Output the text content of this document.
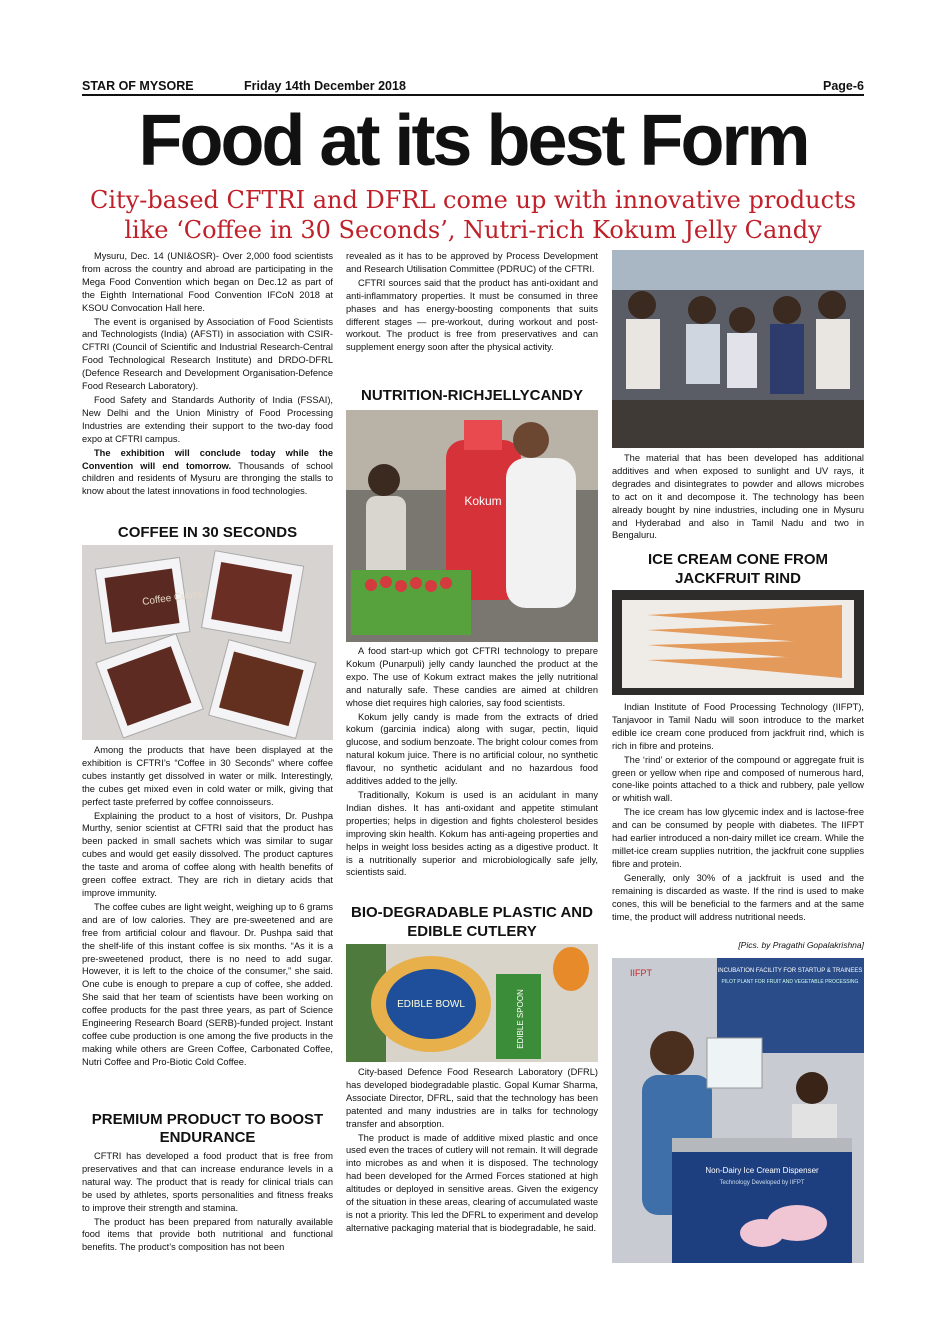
STAR OF MYSORE	Friday 14th December 2018	Page-6
Food at its best Form
City-based CFTRI and DFRL come up with innovative products like ‘Coffee in 30 Seconds’, Nutri-rich Kokum Jelly Candy

Mysuru, Dec. 14 (UNI&OSR)- Over 2,000 food scientists from across the country and abroad are participating in the Mega Food Convention which began on Dec.12 as part of the Eighth International Food Convention IFCoN 2018 at KSOU Convocation Hall here.

The event is organised by Association of Food Scientists and Technologists (India) (AFSTI) in association with CSIR-CFTRI (Council of Scientific and Industrial Research-Central Food Technological Research Institute) and DRDO-DFRL (Defence Research and Development Organisation-Defence Food Research Laboratory).

Food Safety and Standards Authority of India (FSSAI), New Delhi and the Union Ministry of Food Processing Industries are extending their support to the two-day food expo at CFTRI campus.

The exhibition will conclude today while the Convention will end tomorrow. Thousands of school children and residents of Mysuru are thronging the stalls to know about the latest innovations in food technologies.

COFFEE IN 30 SECONDS
Coffee Cubes

Among the products that have been displayed at the exhibition is CFTRI’s “Coffee in 30 Seconds” where coffee cubes instantly get dissolved in water or milk. Interestingly, the cubes get mixed even in cold water or milk, giving that perfect taste preferred by coffee connoisseurs.

Explaining the product to a host of visitors, Dr. Pushpa Murthy, senior scientist at CFTRI said that the product has been packed in small sachets which was similar to sugar cubes and would get easily dissolved. The product captures the taste and aroma of coffee along with health benefits of green coffee extract. They are rich in dietary acids that improve immunity.

The coffee cubes are light weight, weighing up to 6 grams and are of low calories. They are pre-sweetened and are free from artificial colour and flavour. Dr. Pushpa said that the shelf-life of this instant coffee is six months. “As it is a pre-sweetened product, there is no need to add sugar. However, it is left to the choice of the consumer,” she said. One cube is enough to prepare a cup of coffee, she added. She said that her team of scientists have been working on coffee products for the past three years, as part of Science Engineering Research Board (SERB)-funded project. Instant coffee cube production is one among the five products in the making while others are Green Coffee, Carbonated Coffee, Nutri Coffee and Pro-Biotic Cold Coffee.

PREMIUM PRODUCT TO BOOST ENDURANCE

CFTRI has developed a food product that is free from preservatives and that can increase endurance levels in a natural way. The product that is ready for clinical trials can be used by athletes, sports personalities and fitness freaks to improve their strength and stamina.

The product has been prepared from naturally available food items that provide both nutritional and functional benefits. The product’s composition has not been

revealed as it has to be approved by Process Development and Research Utilisation Committee (PDRUC) of the CFTRI.

CFTRI sources said that the product has anti-oxidant and anti-inflammatory properties. It must be consumed in three phases and has energy-boosting components that suits different stages — pre-workout, during workout and post-workout. The product is free from preservatives and can supplement energy soon after the physical activity.

NUTRITION-RICHJELLYCANDY
Kokum

A food start-up which got CFTRI technology to prepare Kokum (Punarpuli) jelly candy launched the product at the expo. The use of Kokum extract makes the jelly nutritional and naturally safe. These candies are aimed at children whose diet requires high calories, say food scientists.

Kokum jelly candy is made from the extracts of dried kokum (garcinia indica) along with sugar, pectin, liquid glucose, and sodium benzoate. The bright colour comes from natural kokum juice. There is no artificial colour, no synthetic flavour, no synthetic acidulant and no hazardous food additives added to the jelly.

Traditionally, Kokum is used is an acidulant in many Indian dishes. It has anti-oxidant and appetite stimulant properties; helps in digestion and fights cholesterol besides improving skin health. Kokum has anti-ageing properties and helps in weight loss besides acting as a digestive product. It is a nutritionally superior and microbiologically safe jelly, scientists said.

BIO-DEGRADABLE PLASTIC AND EDIBLE CUTLERY
EDIBLE BOWL	EDIBLE SPOON

City-based Defence Food Research Laboratory (DFRL) has developed biodegradable plastic. Gopal Kumar Sharma, Associate Director, DFRL, said that the technology has been patented and many industries are in talks for technology transfer and absorption.

The product is made of additive mixed plastic and once used even the traces of cutlery will not remain. It will degrade into microbes as and when it is disposed. The technology had been developed for the Armed Forces stationed at high altitudes or deployed in sensitive areas. Given the exigency of the situation in these areas, clearing of accumulated waste is not a priority. This led the DFRL to experiment and develop alternative packaging material that is biodegradable, he said.

The material that has been developed has additional additives and when exposed to sunlight and UV rays, it degrades and disintegrates to powder and allows microbes to act on it and decompose it. The technology has been already bought by nine industries, including one in Mysuru and Hyderabad and also in Tamil Nadu and two in Bengaluru.

ICE CREAM CONE FROM JACKFRUIT RIND

Indian Institute of Food Processing Technology (IIFPT), Tanjavoor in Tamil Nadu will soon introduce to the market edible ice cream cone produced from jackfruit rind, which is rich in fibre and proteins.

The ‘rind’ or exterior of the compound or aggregate fruit is green or yellow when ripe and composed of numerous hard, cone-like points attached to a thick and rubbery, pale yellow or whitish wall.

The ice cream has low glycemic index and is lactose-free and can be consumed by people with diabetes. The IIFPT had earlier introduced a non-dairy millet ice cream. While the millet-ice cream supplies nutrition, the jackfruit cone supplies fibre and protein.

Generally, only 30% of a jackfruit is used and the remaining is discarded as waste. If the rind is used to make cones, this will be beneficial to the farmers and at the same time, the product will address nutritional needs.

[Pics. by Pragathi Gopalakrishna]
INCUBATION FACILITY FOR STARTUP & TRAINEES
PILOT PLANT FOR FRUIT AND VEGETABLE PROCESSING
IIFPT
Non-Dairy Ice Cream Dispenser
Technology Developed by IIFPT
